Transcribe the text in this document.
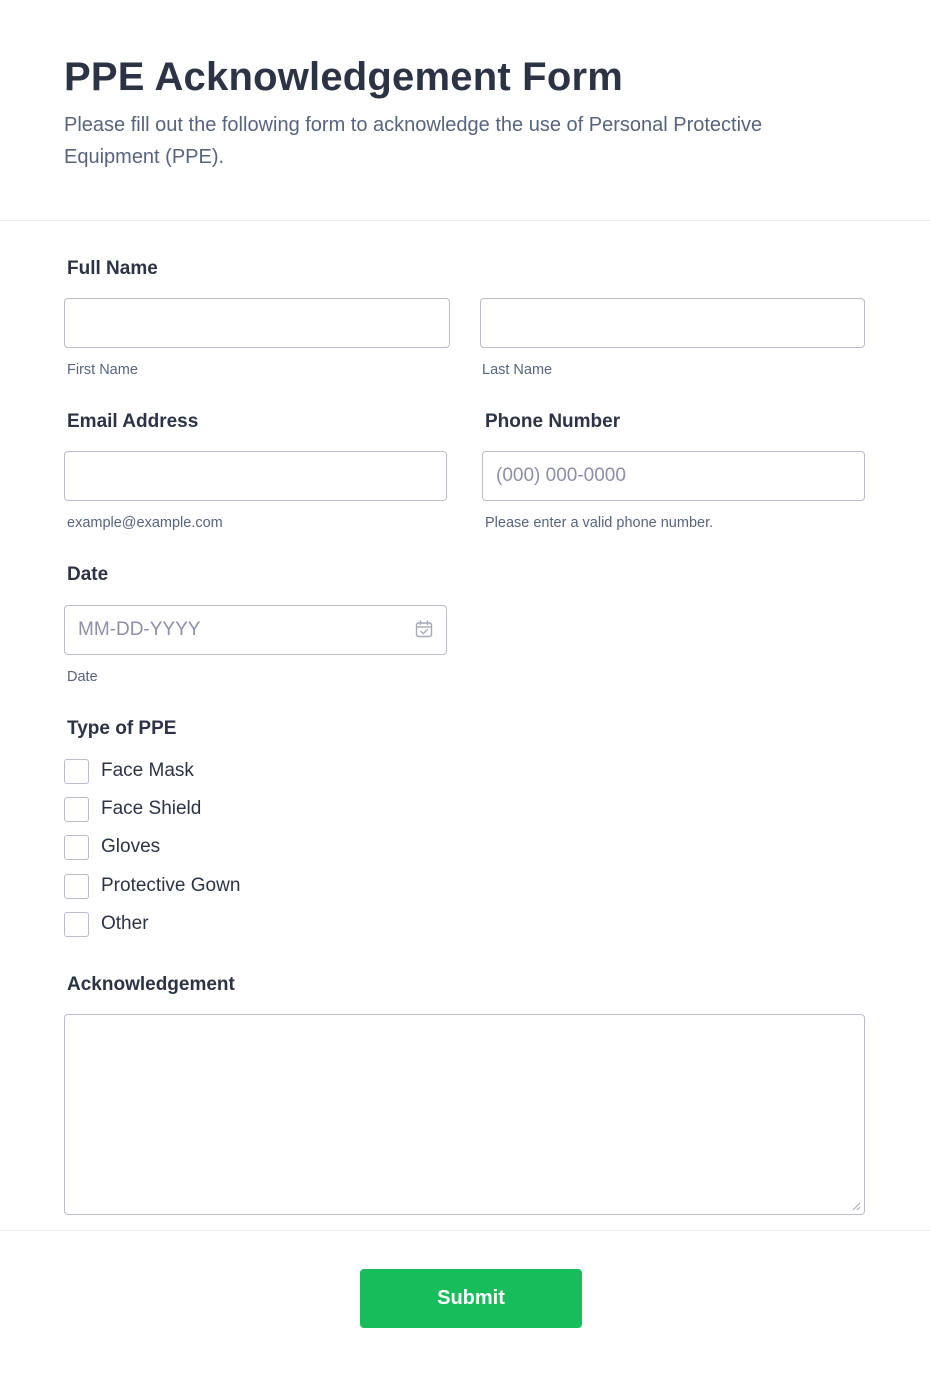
PPE Acknowledgement Form

Please fill out the following form to acknowledge the use of Personal Protective Equipment (PPE).

Full Name
First Name	Last Name
Email Address
example@example.com
Phone Number
(000) 000-0000
Please enter a valid phone number.
Date
MM-DD-YYYY
Date
Type of PPE
Face Mask
Face Shield
Gloves
Protective Gown
Other
Acknowledgement
Submit
